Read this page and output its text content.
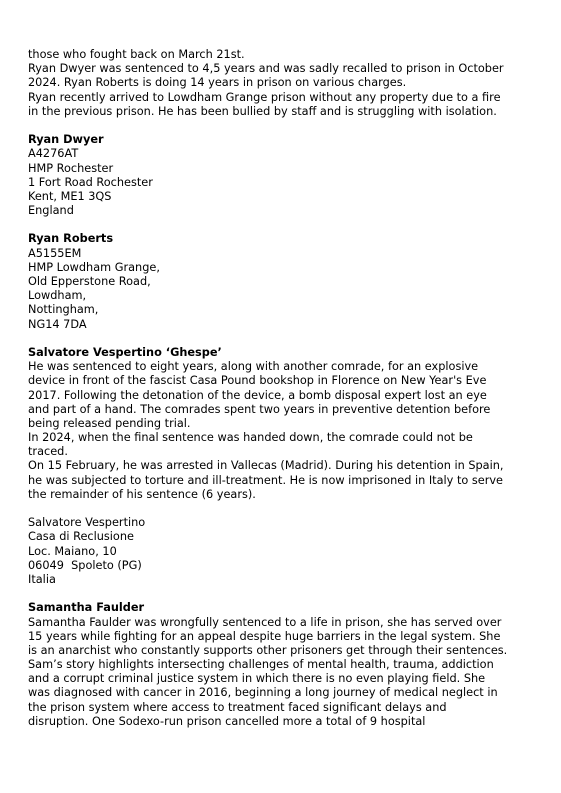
those who fought back on March 21st.
Ryan Dwyer was sentenced to 4,5 years and was sadly recalled to prison in October
2024. Ryan Roberts is doing 14 years in prison on various charges.
Ryan recently arrived to Lowdham Grange prison without any property due to a fire
in the previous prison. He has been bullied by staff and is struggling with isolation.
Ryan Dwyer
A4276AT
HMP Rochester
1 Fort Road Rochester
Kent, ME1 3QS
England
Ryan Roberts
A5155EM
HMP Lowdham Grange,
Old Epperstone Road,
Lowdham,
Nottingham,
NG14 7DA
Salvatore Vespertino ‘Ghespe’
He was sentenced to eight years, along with another comrade, for an explosive
device in front of the fascist Casa Pound bookshop in Florence on New Year's Eve
2017. Following the detonation of the device, a bomb disposal expert lost an eye
and part of a hand. The comrades spent two years in preventive detention before
being released pending trial.
In 2024, when the final sentence was handed down, the comrade could not be
traced.
On 15 February, he was arrested in Vallecas (Madrid). During his detention in Spain,
he was subjected to torture and ill-treatment. He is now imprisoned in Italy to serve
the remainder of his sentence (6 years).
Salvatore Vespertino
Casa di Reclusione
Loc. Maiano, 10
06049  Spoleto (PG)
Italia
Samantha Faulder
Samantha Faulder was wrongfully sentenced to a life in prison, she has served over
15 years while fighting for an appeal despite huge barriers in the legal system. She
is an anarchist who constantly supports other prisoners get through their sentences.
Sam’s story highlights intersecting challenges of mental health, trauma, addiction
and a corrupt criminal justice system in which there is no even playing field. She
was diagnosed with cancer in 2016, beginning a long journey of medical neglect in
the prison system where access to treatment faced significant delays and
disruption. One Sodexo-run prison cancelled more a total of 9 hospital
